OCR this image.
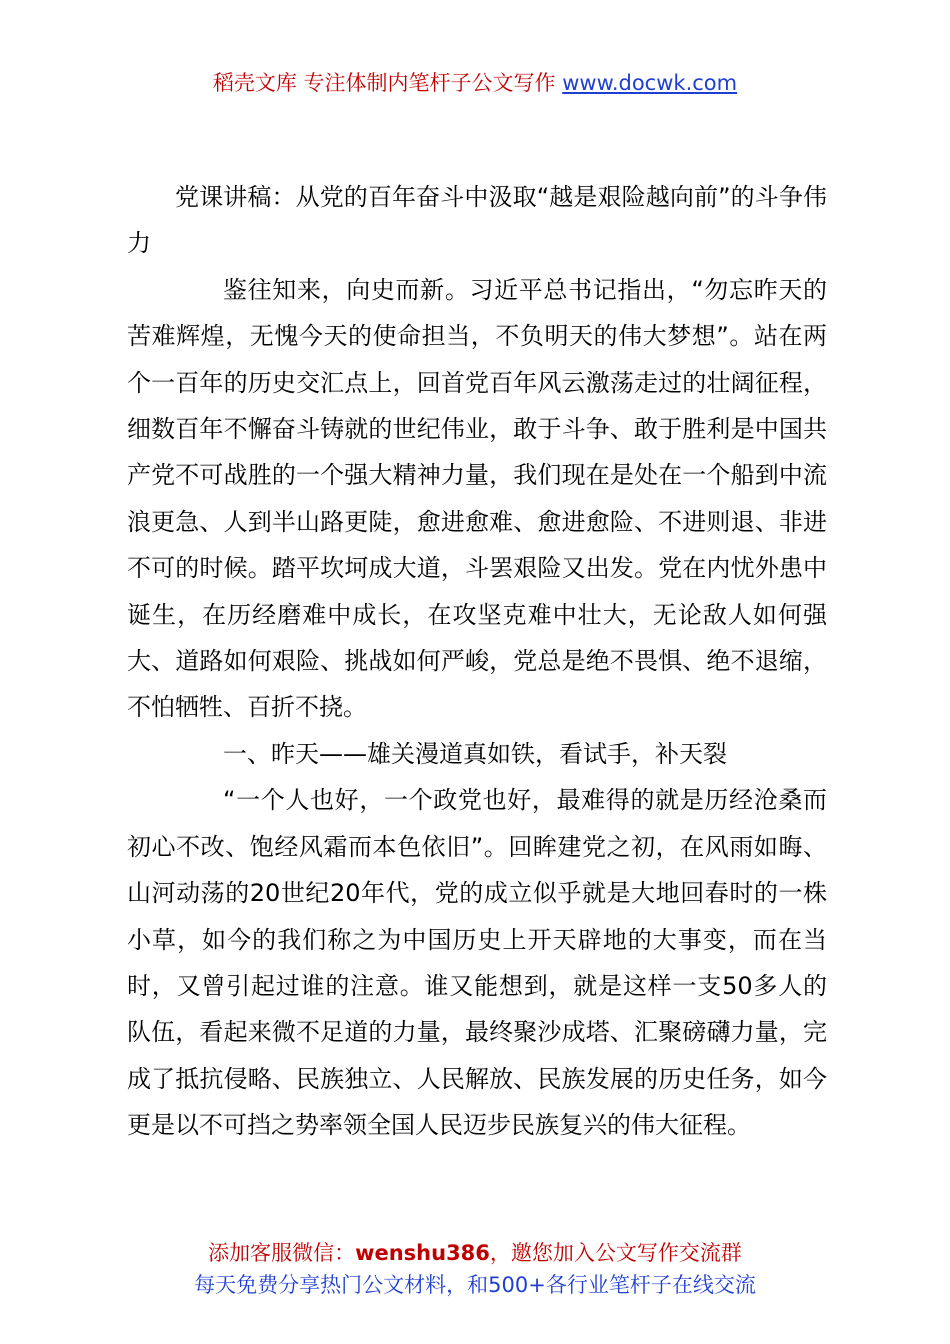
稻壳文库 专注体制内笔杆子公文写作 www.docwk.com

党课讲稿：从党的百年奋斗中汲取“越是艰险越向前”的斗争伟力

鉴往知来，向史而新。习近平总书记指出，“勿忘昨天的苦难辉煌，无愧今天的使命担当，不负明天的伟大梦想”。站在两个一百年的历史交汇点上，回首党百年风云激荡走过的壮阔征程，细数百年不懈奋斗铸就的世纪伟业，敢于斗争、敢于胜利是中国共产党不可战胜的一个强大精神力量，我们现在是处在一个船到中流浪更急、人到半山路更陡，愈进愈难、愈进愈险、不进则退、非进不可的时候。踏平坎坷成大道，斗罢艰险又出发。党在内忧外患中诞生，在历经磨难中成长，在攻坚克难中壮大，无论敌人如何强大、道路如何艰险、挑战如何严峻，党总是绝不畏惧、绝不退缩，不怕牺牲、百折不挠。

一、昨天——雄关漫道真如铁，看试手，补天裂

“一个人也好，一个政党也好，最难得的就是历经沧桑而初心不改、饱经风霜而本色依旧”。回眸建党之初，在风雨如晦、山河动荡的20世纪20年代，党的成立似乎就是大地回春时的一株小草，如今的我们称之为中国历史上开天辟地的大事变，而在当时，又曾引起过谁的注意。谁又能想到，就是这样一支50多人的队伍，看起来微不足道的力量，最终聚沙成塔、汇聚磅礴力量，完成了抵抗侵略、民族独立、人民解放、民族发展的历史任务，如今更是以不可挡之势率领全国人民迈步民族复兴的伟大征程。

添加客服微信：wenshu386，邀您加入公文写作交流群
每天免费分享热门公文材料，和500+各行业笔杆子在线交流
